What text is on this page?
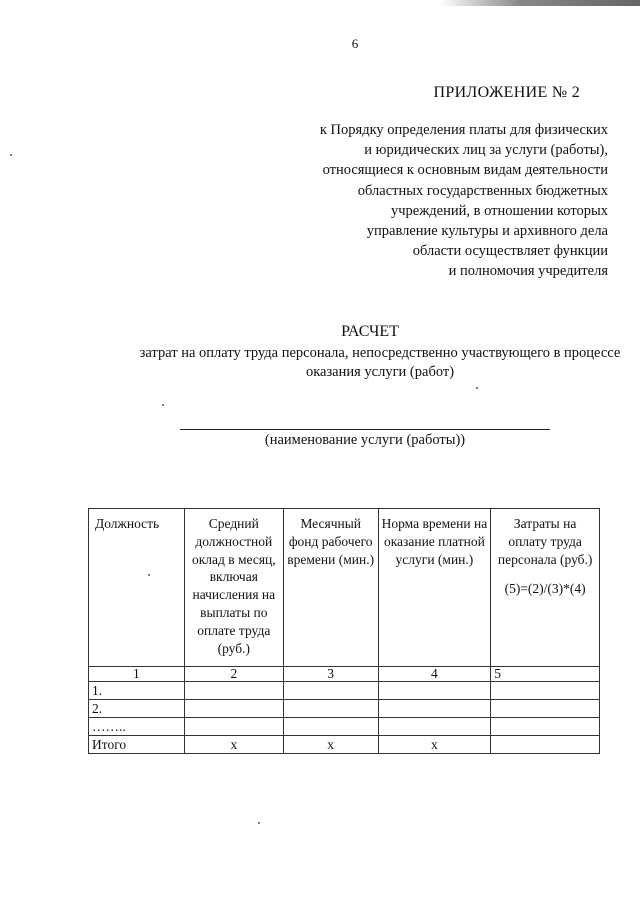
6
ПРИЛОЖЕНИЕ № 2
к Порядку определения платы для физических
и юридических лиц за услуги (работы),
относящиеся к основным видам деятельности
областных государственных бюджетных
учреждений, в отношении которых
управление культуры и архивного дела
области осуществляет функции
и полномочия учредителя
РАСЧЕТ
затрат на оплату труда персонала, непосредственно участвующего в процессе оказания услуги (работ)
(наименование услуги (работы))
Должность	Средний должностной оклад в месяц, включая начисления на выплаты по оплате труда (руб.)	Месячный фонд рабочего времени (мин.)	Норма времени на оказание платной услуги (мин.)	Затраты на оплату труда персонала (руб.)
(5)=(2)/(3)*(4)

1	2	3	4	5
1.				
2.				
……..				
Итого	x	x	x	
